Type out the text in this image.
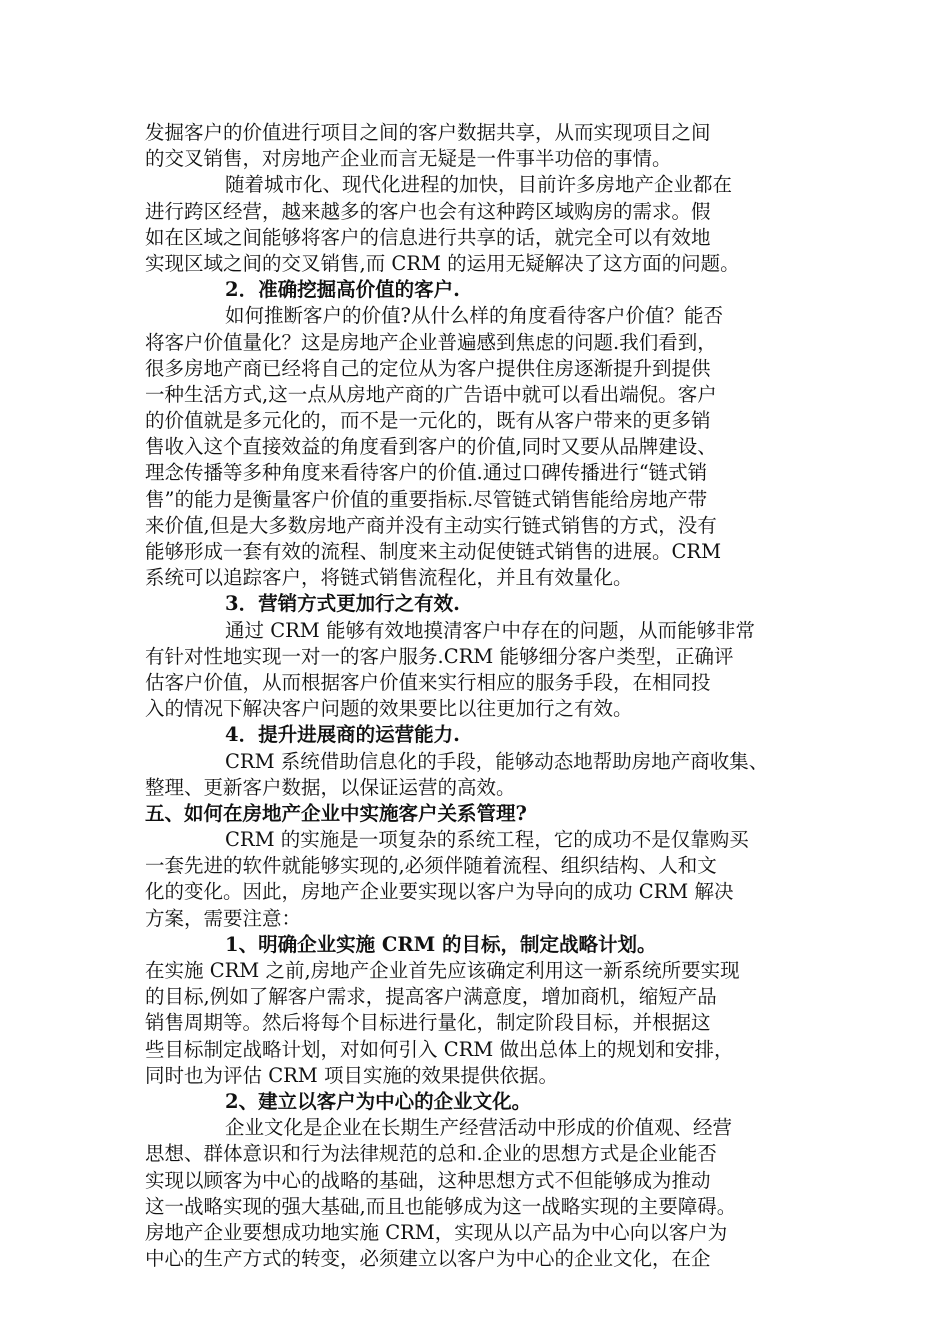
发掘客户的价值进行项目之间的客户数据共享，从而实现项目之间
的交叉销售，对房地产企业而言无疑是一件事半功倍的事情。
随着城市化、现代化进程的加快，目前许多房地产企业都在
进行跨区经营，越来越多的客户也会有这种跨区域购房的需求。假
如在区域之间能够将客户的信息进行共享的话，就完全可以有效地
实现区域之间的交叉销售,而 CRM 的运用无疑解决了这方面的问题。
2．准确挖掘高价值的客户.
如何推断客户的价值?从什么样的角度看待客户价值？能否
将客户价值量化？这是房地产企业普遍感到焦虑的问题.我们看到，
很多房地产商已经将自己的定位从为客户提供住房逐渐提升到提供
一种生活方式,这一点从房地产商的广告语中就可以看出端倪。客户
的价值就是多元化的，而不是一元化的，既有从客户带来的更多销
售收入这个直接效益的角度看到客户的价值,同时又要从品牌建设、
理念传播等多种角度来看待客户的价值.通过口碑传播进行“链式销
售”的能力是衡量客户价值的重要指标.尽管链式销售能给房地产带
来价值,但是大多数房地产商并没有主动实行链式销售的方式，没有
能够形成一套有效的流程、制度来主动促使链式销售的进展。CRM
系统可以追踪客户，将链式销售流程化，并且有效量化。
3．营销方式更加行之有效.
通过 CRM 能够有效地摸清客户中存在的问题，从而能够非常
有针对性地实现一对一的客户服务.CRM 能够细分客户类型，正确评
估客户价值，从而根据客户价值来实行相应的服务手段，在相同投
入的情况下解决客户问题的效果要比以往更加行之有效。
4．提升进展商的运营能力.
CRM 系统借助信息化的手段，能够动态地帮助房地产商收集、
整理、更新客户数据，以保证运营的高效。
五、如何在房地产企业中实施客户关系管理?
CRM 的实施是一项复杂的系统工程，它的成功不是仅靠购买
一套先进的软件就能够实现的,必须伴随着流程、组织结构、人和文
化的变化。因此，房地产企业要实现以客户为导向的成功 CRM 解决
方案，需要注意：
1、明确企业实施 CRM 的目标，制定战略计划。
在实施 CRM 之前,房地产企业首先应该确定利用这一新系统所要实现
的目标,例如了解客户需求，提高客户满意度，增加商机，缩短产品
销售周期等。然后将每个目标进行量化，制定阶段目标，并根据这
些目标制定战略计划，对如何引入 CRM 做出总体上的规划和安排，
同时也为评估 CRM 项目实施的效果提供依据。
2、建立以客户为中心的企业文化。
企业文化是企业在长期生产经营活动中形成的价值观、经营
思想、群体意识和行为法律规范的总和.企业的思想方式是企业能否
实现以顾客为中心的战略的基础，这种思想方式不但能够成为推动
这一战略实现的强大基础,而且也能够成为这一战略实现的主要障碍。
房地产企业要想成功地实施 CRM，实现从以产品为中心向以客户为
中心的生产方式的转变，必须建立以客户为中心的企业文化，在企
